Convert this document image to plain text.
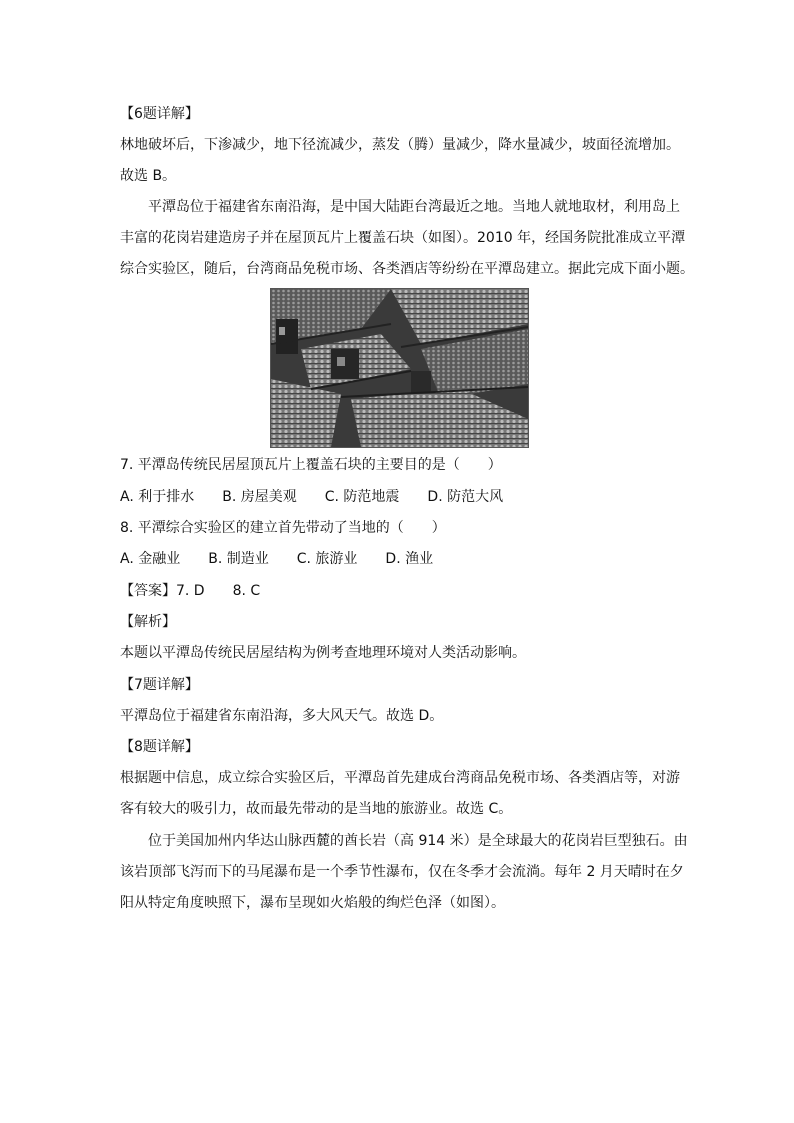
【6题详解】
林地破坏后，下渗减少，地下径流减少，蒸发（腾）量减少，降水量减少，坡面径流增加。
故选 B。
平潭岛位于福建省东南沿海，是中国大陆距台湾最近之地。当地人就地取材，利用岛上
丰富的花岗岩建造房子并在屋顶瓦片上覆盖石块（如图）。2010 年，经国务院批准成立平潭
综合实验区，随后，台湾商品免税市场、各类酒店等纷纷在平潭岛建立。据此完成下面小题。
7. 平潭岛传统民居屋顶瓦片上覆盖石块的主要目的是（　　）
A. 利于排水　　B. 房屋美观　　C. 防范地震　　D. 防范大风
8. 平潭综合实验区的建立首先带动了当地的（　　）
A. 金融业　　B. 制造业　　C. 旅游业　　D. 渔业
【答案】7. D　　8. C
【解析】
本题以平潭岛传统民居屋结构为例考查地理环境对人类活动影响。
【7题详解】
平潭岛位于福建省东南沿海，多大风天气。故选 D。
【8题详解】
根据题中信息，成立综合实验区后，平潭岛首先建成台湾商品免税市场、各类酒店等，对游
客有较大的吸引力，故而最先带动的是当地的旅游业。故选 C。
位于美国加州内华达山脉西麓的酋长岩（高 914 米）是全球最大的花岗岩巨型独石。由
该岩顶部飞泻而下的马尾瀑布是一个季节性瀑布，仅在冬季才会流淌。每年 2 月天晴时在夕
阳从特定角度映照下，瀑布呈现如火焰般的绚烂色泽（如图）。
